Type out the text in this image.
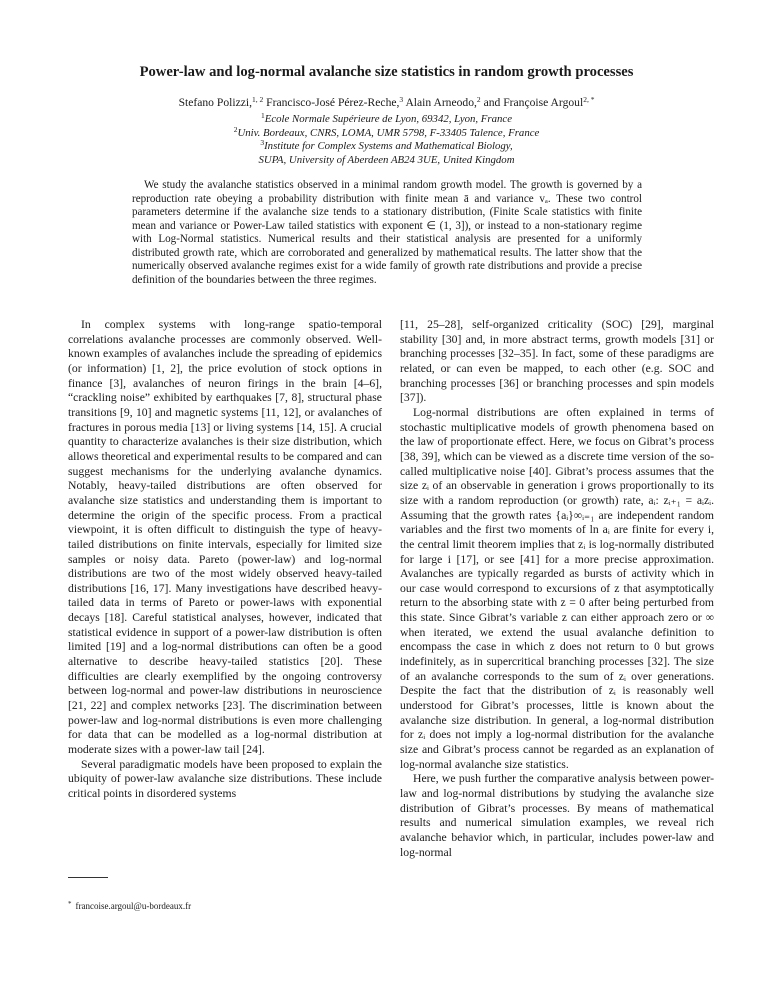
Power-law and log-normal avalanche size statistics in random growth processes
Stefano Polizzi,$^{1, 2}$ Francisco-José Pérez-Reche,$^3$ Alain Arneodo,$^2$ and Françoise Argoul$^{2, *}$
$^1$Ecole Normale Supérieure de Lyon, 69342, Lyon, France
$^2$Univ. Bordeaux, CNRS, LOMA, UMR 5798, F-33405 Talence, France
$^3$Institute for Complex Systems and Mathematical Biology,
SUPA, University of Aberdeen AB24 3UE, United Kingdom

We study the avalanche statistics observed in a minimal random growth model. The growth is governed by a reproduction rate obeying a probability distribution with finite mean ā and variance vₐ. These two control parameters determine if the avalanche size tends to a stationary distribution, (Finite Scale statistics with finite mean and variance or Power-Law tailed statistics with exponent ∈ (1, 3]), or instead to a non-stationary regime with Log-Normal statistics. Numerical results and their statistical analysis are presented for a uniformly distributed growth rate, which are corroborated and generalized by mathematical results. The latter show that the numerically observed avalanche regimes exist for a wide family of growth rate distributions and provide a precise definition of the boundaries between the three regimes.

In complex systems with long-range spatio-temporal correlations avalanche processes are commonly observed. Well-known examples of avalanches include the spreading of epidemics (or information) [1, 2], the price evolution of stock options in finance [3], avalanches of neuron firings in the brain [4–6], “crackling noise” exhibited by earthquakes [7, 8], structural phase transitions [9, 10] and magnetic systems [11, 12], or avalanches of fractures in porous media [13] or living systems [14, 15]. A crucial quantity to characterize avalanches is their size distribution, which allows theoretical and experimental results to be compared and can suggest mechanisms for the underlying avalanche dynamics. Notably, heavy-tailed distributions are often observed for avalanche size statistics and understanding them is important to determine the origin of the specific process. From a practical viewpoint, it is often difficult to distinguish the type of heavy-tailed distributions on finite intervals, especially for limited size samples or noisy data. Pareto (power-law) and log-normal distributions are two of the most widely observed heavy-tailed distributions [16, 17]. Many investigations have described heavy-tailed data in terms of Pareto or power-laws with exponential decays [18]. Careful statistical analyses, however, indicated that statistical evidence in support of a power-law distribution is often limited [19] and a log-normal distributions can often be a good alternative to describe heavy-tailed statistics [20]. These difficulties are clearly exemplified by the ongoing controversy between log-normal and power-law distributions in neuroscience [21, 22] and complex networks [23]. The discrimination between power-law and log-normal distributions is even more challenging for data that can be modelled as a log-normal distribution at moderate sizes with a power-law tail [24].

Several paradigmatic models have been proposed to explain the ubiquity of power-law avalanche size distributions. These include critical points in disordered systems

[11, 25–28], self-organized criticality (SOC) [29], marginal stability [30] and, in more abstract terms, growth models [31] or branching processes [32–35]. In fact, some of these paradigms are related, or can even be mapped, to each other (e.g. SOC and branching processes [36] or branching processes and spin models [37]).

Log-normal distributions are often explained in terms of stochastic multiplicative models of growth phenomena based on the law of proportionate effect. Here, we focus on Gibrat’s process [38, 39], which can be viewed as a discrete time version of the so-called multiplicative noise [40]. Gibrat’s process assumes that the size zᵢ of an observable in generation i grows proportionally to its size with a random reproduction (or growth) rate, aᵢ: zᵢ₊₁ = aᵢzᵢ. Assuming that the growth rates {aᵢ}∞ᵢ₌₁ are independent random variables and the first two moments of ln aᵢ are finite for every i, the central limit theorem implies that zᵢ is log-normally distributed for large i [17], or see [41] for a more precise approximation. Avalanches are typically regarded as bursts of activity which in our case would correspond to excursions of z that asymptotically return to the absorbing state with z = 0 after being perturbed from this state. Since Gibrat’s variable z can either approach zero or ∞ when iterated, we extend the usual avalanche definition to encompass the case in which z does not return to 0 but grows indefinitely, as in supercritical branching processes [32]. The size of an avalanche corresponds to the sum of zᵢ over generations. Despite the fact that the distribution of zᵢ is reasonably well understood for Gibrat’s processes, little is known about the avalanche size distribution. In general, a log-normal distribution for zᵢ does not imply a log-normal distribution for the avalanche size and Gibrat’s process cannot be regarded as an explanation of log-normal avalanche size statistics.

Here, we push further the comparative analysis between power-law and log-normal distributions by studying the avalanche size distribution of Gibrat’s processes. By means of mathematical results and numerical simulation examples, we reveal rich avalanche behavior which, in particular, includes power-law and log-normal

* francoise.argoul@u-bordeaux.fr
